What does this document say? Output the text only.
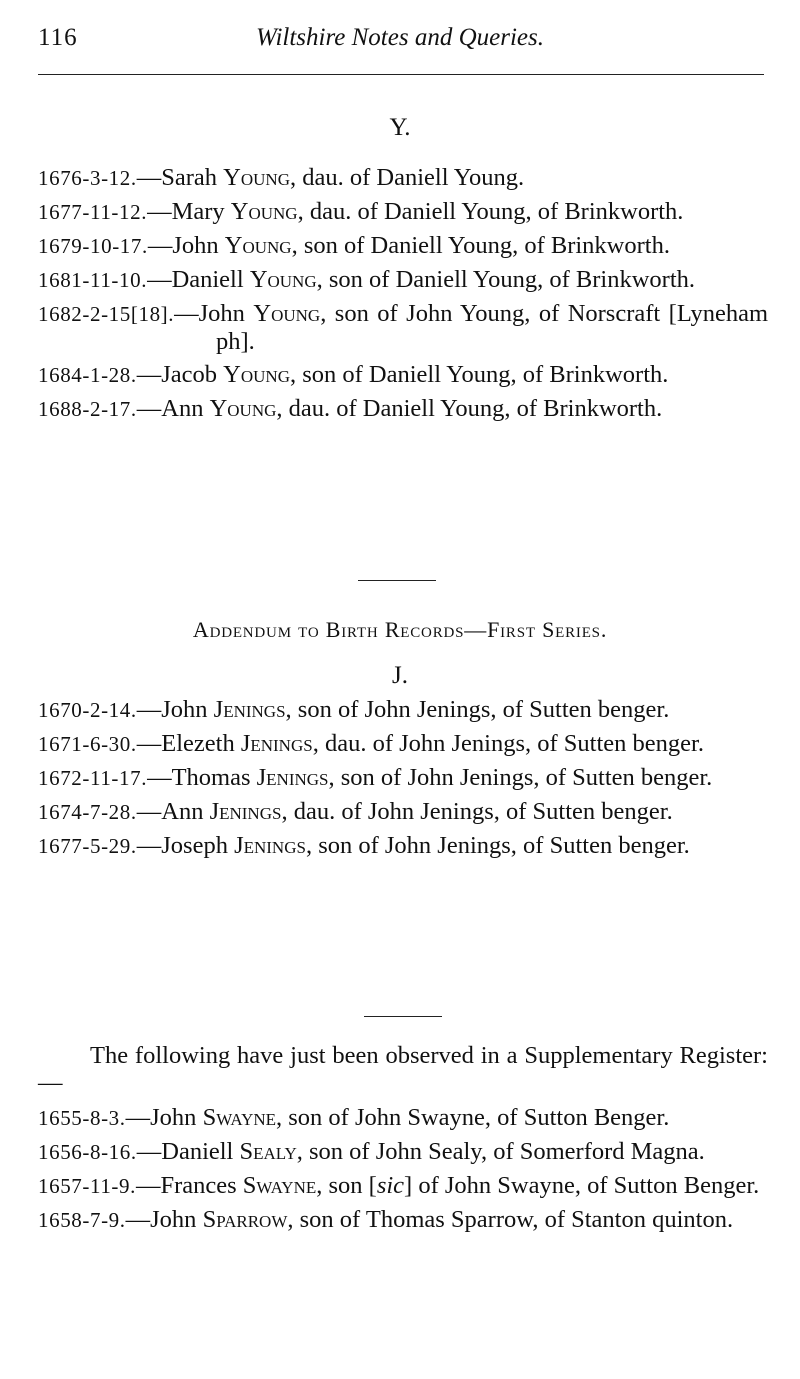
116	Wiltshire Notes and Queries.
Y.
1676-3-12.—Sarah Young, dau. of Daniell Young.
1677-11-12.—Mary Young, dau. of Daniell Young, of Brinkworth.
1679-10-17.—John Young, son of Daniell Young, of Brinkworth.
1681-11-10.—Daniell Young, son of Daniell Young, of Brinkworth.
1682-2-15[18].—John Young, son of John Young, of Norscraft [Lyneham ph].
1684-1-28.—Jacob Young, son of Daniell Young, of Brinkworth.
1688-2-17.—Ann Young, dau. of Daniell Young, of Brinkworth.
Addendum to Birth Records—First Series.
J.
1670-2-14.—John Jenings, son of John Jenings, of Sutten benger.
1671-6-30.—Elezeth Jenings, dau. of John Jenings, of Sutten benger.
1672-11-17.—Thomas Jenings, son of John Jenings, of Sutten benger.
1674-7-28.—Ann Jenings, dau. of John Jenings, of Sutten benger.
1677-5-29.—Joseph Jenings, son of John Jenings, of Sutten benger.

The following have just been observed in a Supplementary Register:—

1655-8-3.—John Swayne, son of John Swayne, of Sutton Benger.
1656-8-16.—Daniell Sealy, son of John Sealy, of Somerford Magna.
1657-11-9.—Frances Swayne, son [sic] of John Swayne, of Sutton Benger.
1658-7-9.—John Sparrow, son of Thomas Sparrow, of Stanton quinton.
